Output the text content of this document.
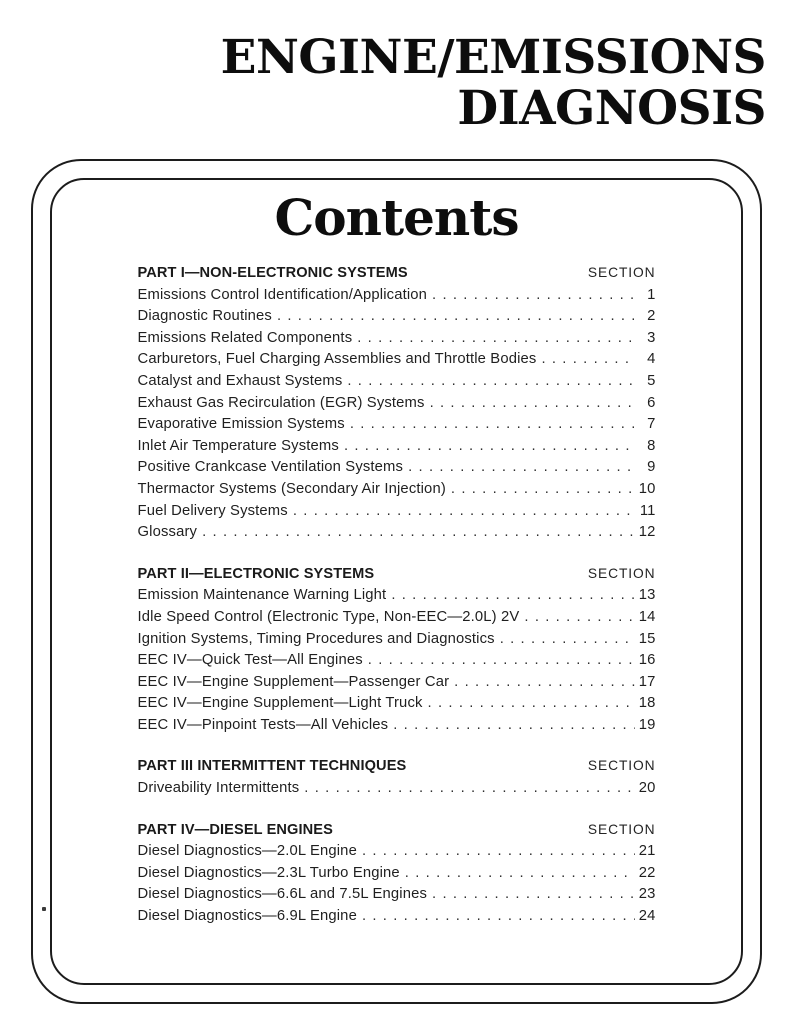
ENGINE/EMISSIONS
DIAGNOSIS
Contents
PART I—NON-ELECTRONIC SYSTEMS	SECTION
Emissions Control Identification/Application . . .	1
Diagnostic Routines . . .	2
Emissions Related Components . . .	3
Carburetors, Fuel Charging Assemblies and Throttle Bodies . . .	4
Catalyst and Exhaust Systems . . .	5
Exhaust Gas Recirculation (EGR) Systems . . .	6
Evaporative Emission Systems . . .	7
Inlet Air Temperature Systems . . .	8
Positive Crankcase Ventilation Systems . . .	9
Thermactor Systems (Secondary Air Injection) . . .	10
Fuel Delivery Systems . . .	11
Glossary . . .	12
PART II—ELECTRONIC SYSTEMS	SECTION
Emission Maintenance Warning Light . . .	13
Idle Speed Control (Electronic Type, Non-EEC—2.0L) 2V . . .	14
Ignition Systems, Timing Procedures and Diagnostics . . .	15
EEC IV—Quick Test—All Engines . . .	16
EEC IV—Engine Supplement—Passenger Car . . .	17
EEC IV—Engine Supplement—Light Truck . . .	18
EEC IV—Pinpoint Tests—All Vehicles . . .	19
PART III INTERMITTENT TECHNIQUES	SECTION
Driveability Intermittents . . .	20
PART IV—DIESEL ENGINES	SECTION
Diesel Diagnostics—2.0L Engine . . .	21
Diesel Diagnostics—2.3L Turbo Engine . . .	22
Diesel Diagnostics—6.6L and 7.5L Engines . . .	23
Diesel Diagnostics—6.9L Engine . . .	24
